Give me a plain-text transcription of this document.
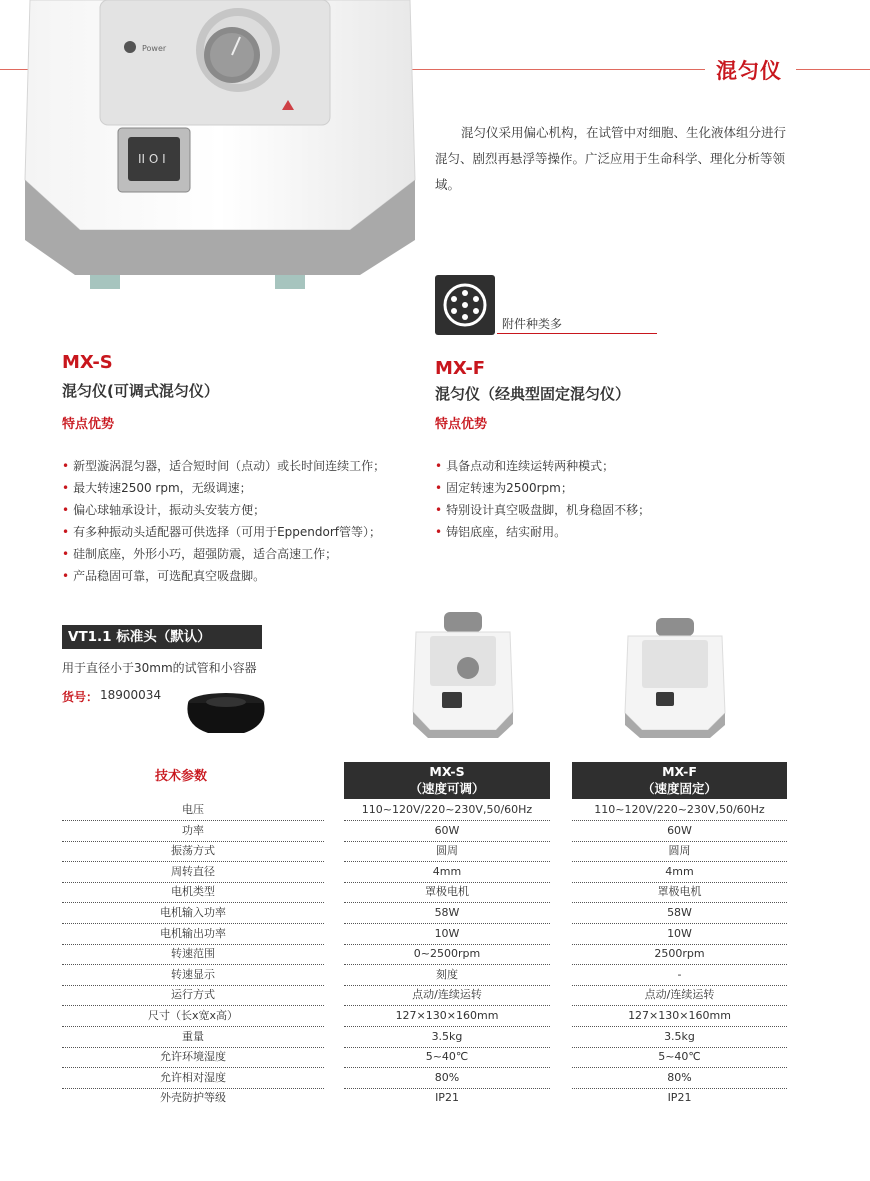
混匀仪
Power
II O I
混匀仪采用偏心机构，在试管中对细胞、生化液体组分进行混匀、剧烈再悬浮等操作。广泛应用于生命科学、理化分析等领域。
附件种类多
MX-S
混匀仪(可调式混匀仪）
特点优势
• 新型漩涡混匀器，适合短时间（点动）或长时间连续工作；
• 最大转速2500 rpm，无级调速；
• 偏心球轴承设计，振动头安装方便；
• 有多种振动头适配器可供选择（可用于Eppendorf管等）；
• 硅制底座，外形小巧，超强防震，适合高速工作；
• 产品稳固可靠，可选配真空吸盘脚。
MX-F
混匀仪（经典型固定混匀仪）
特点优势
• 具备点动和连续运转两种模式；
• 固定转速为2500rpm；
• 特别设计真空吸盘脚，机身稳固不移；
• 铸铝底座，结实耐用。
VT1.1 标准头（默认）
用于直径小于30mm的试管和小容器
货号： 18900034
技术参数	MX-S
（速度可调）
MX-F
（速度固定）
电压	110~120V/220~230V,50/60Hz	110~120V/220~230V,50/60Hz
功率	60W	60W
振荡方式	圆周	圆周
周转直径	4mm	4mm
电机类型	罩极电机	罩极电机
电机输入功率	58W	58W
电机输出功率	10W	10W
转速范围	0~2500rpm	2500rpm
转速显示	刻度	-
运行方式	点动/连续运转	点动/连续运转
尺寸（长x宽x高）	127×130×160mm	127×130×160mm
重量	3.5kg	3.5kg
允许环境湿度	5~40℃	5~40℃
允许相对湿度	80%	80%
外壳防护等级	IP21	IP21
